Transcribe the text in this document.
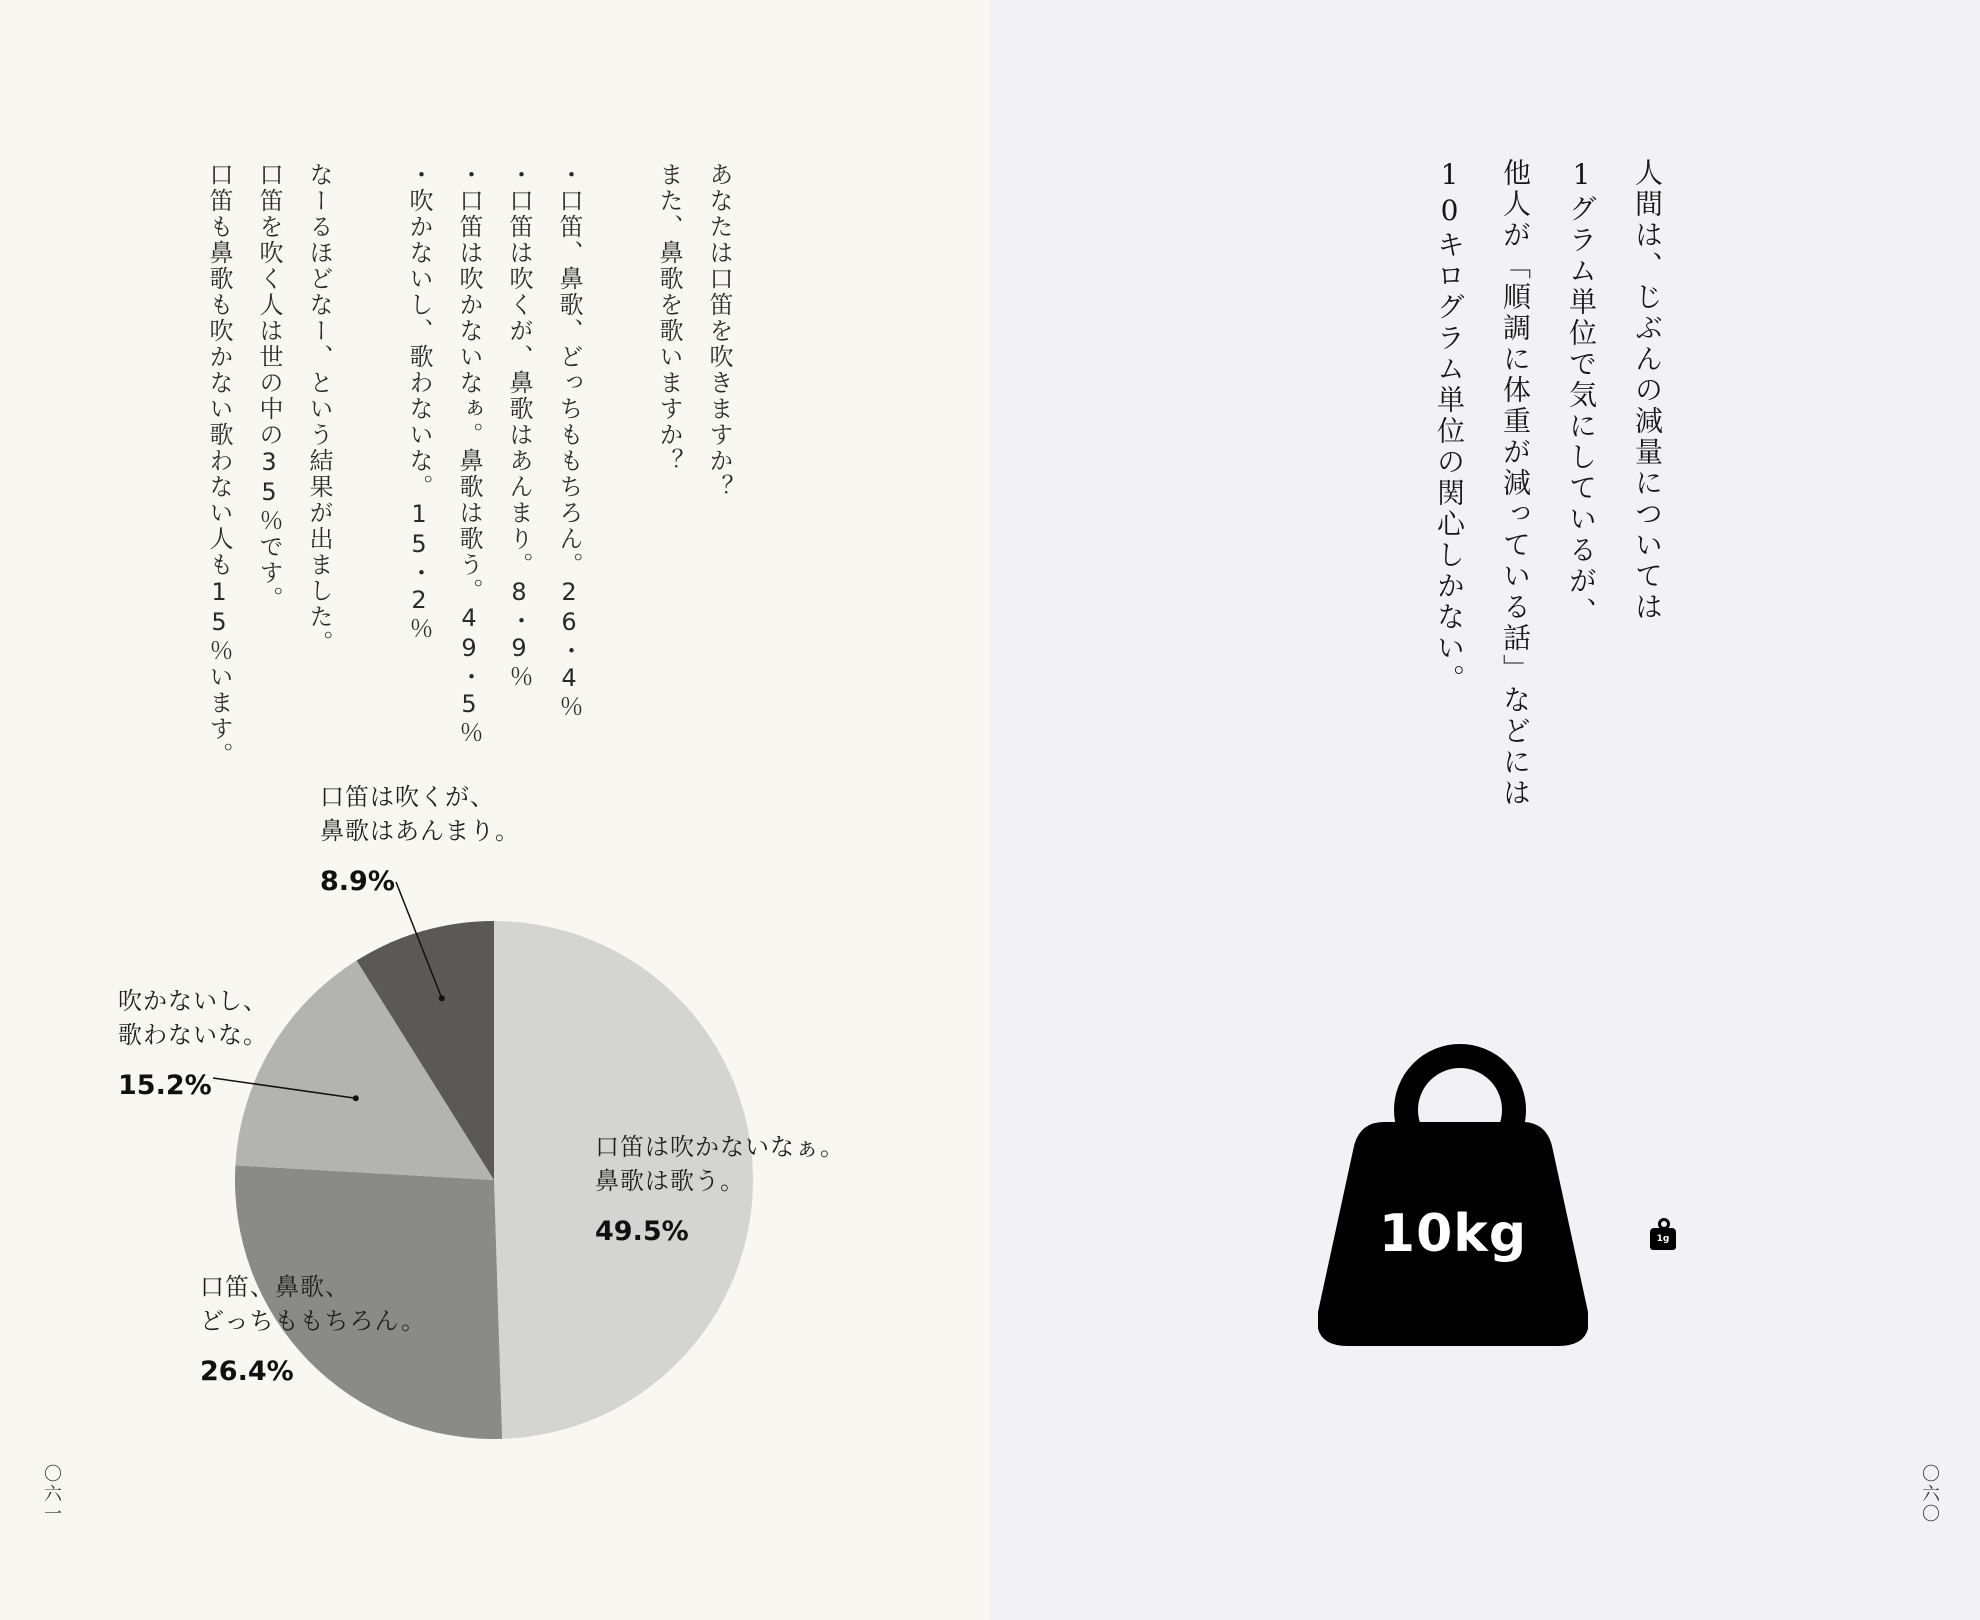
あなたは口笛を吹きますか？
また、鼻歌を歌いますか？

・口笛、鼻歌、どっちももちろん。26・4％
・口笛は吹くが、鼻歌はあんまり。8・9％
・口笛は吹かないなぁ。鼻歌は歌う。49・5％
・吹かないし、歌わないな。15・2％

なーるほどなー、という結果が出ました。
口笛を吹く人は世の中の35％です。
口笛も鼻歌も吹かない歌わない人も15％います。

口笛は吹くが、
鼻歌はあんまり。
8.9%
吹かないし、
歌わないな。
15.2%
口笛は吹かないなぁ。
鼻歌は歌う。
49.5%
口笛、鼻歌、
どっちももちろん。
26.4%

〇六一

人間は、じぶんの減量については
1グラム単位で気にしているが、
他人が「順調に体重が減っている話」などには
10キログラム単位の関心しかない。

〇六〇

10kg	1g
